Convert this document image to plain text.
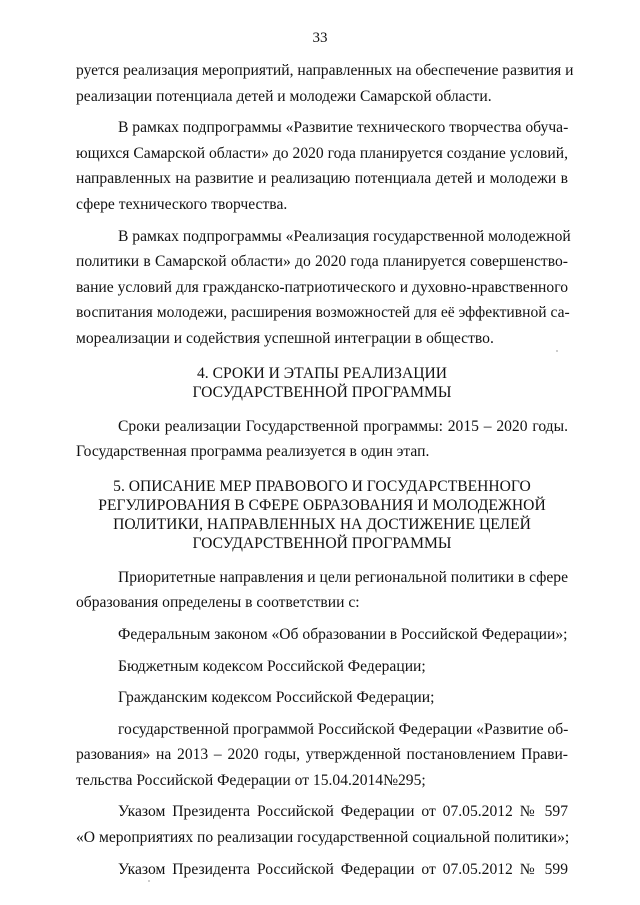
33
руется реализация мероприятий, направленных на обеспечение развития и
реализации потенциала детей и молодежи Самарской области.
В рамках подпрограммы «Развитие технического творчества обуча-
ющихся Самарской области» до 2020 года планируется создание условий,
направленных на развитие и реализацию потенциала детей и молодежи в
сфере технического творчества.
В рамках подпрограммы «Реализация государственной молодежной
политики в Самарской области» до 2020 года планируется совершенство-
вание условий для гражданско-патриотического и духовно-нравственного
воспитания молодежи, расширения возможностей для её эффективной са-
мореализации и содействия успешной интеграции в общество.
4. СРОКИ И ЭТАПЫ РЕАЛИЗАЦИИ
ГОСУДАРСТВЕННОЙ ПРОГРАММЫ
Сроки реализации Государственной программы: 2015 – 2020 годы.
Государственная программа реализуется в один этап.
5. ОПИСАНИЕ МЕР ПРАВОВОГО И ГОСУДАРСТВЕННОГО
РЕГУЛИРОВАНИЯ В СФЕРЕ ОБРАЗОВАНИЯ И МОЛОДЕЖНОЙ
ПОЛИТИКИ, НАПРАВЛЕННЫХ НА ДОСТИЖЕНИЕ ЦЕЛЕЙ
ГОСУДАРСТВЕННОЙ ПРОГРАММЫ
Приоритетные направления и цели региональной политики в сфере
образования определены в соответствии с:
Федеральным законом «Об образовании в Российской Федерации»;
Бюджетным кодексом Российской Федерации;
Гражданским кодексом Российской Федерации;
государственной программой Российской Федерации «Развитие об-
разования» на 2013 – 2020 годы, утвержденной постановлением Прави-
тельства Российской Федерации от 15.04.2014№295;
Указом Президента Российской Федерации от 07.05.2012 № 597
«О мероприятиях по реализации государственной социальной политики»;
Указом Президента Российской Федерации от 07.05.2012 № 599
